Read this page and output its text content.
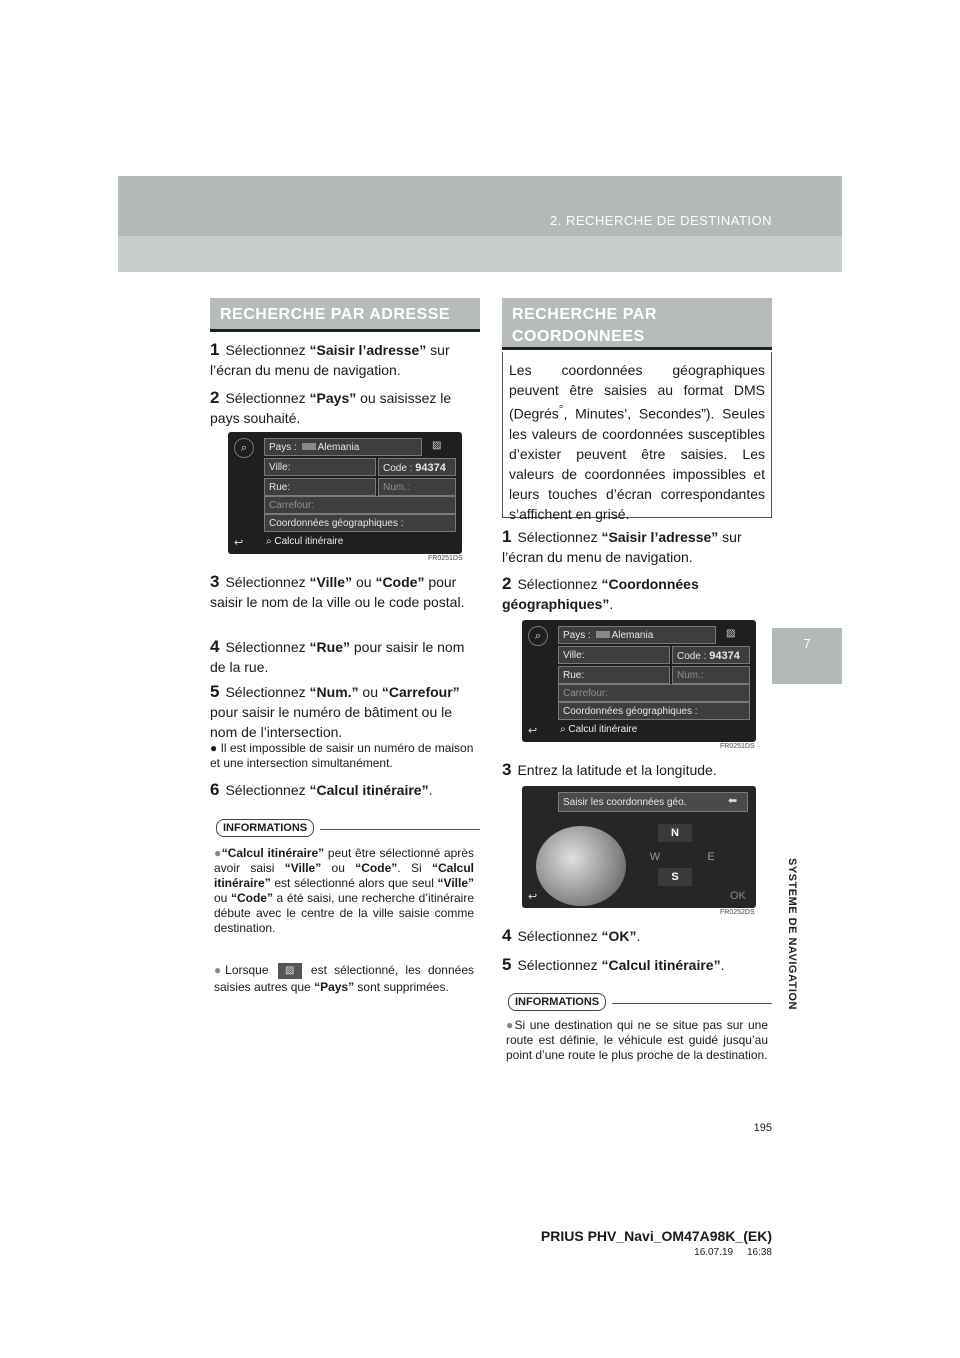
2. RECHERCHE DE DESTINATION
7
SYSTEME DE NAVIGATION
RECHERCHE PAR ADRESSE
1 Sélectionnez “Saisir l’adresse” sur l’écran du menu de navigation.
2 Sélectionnez “Pays” ou saisissez le pays souhaité.
⌕	Pays : Alemania	▨
Ville:	Code : 94374
Rue:	Num.:
Carrefour:
Coordonnées géographiques :
↩ ⌕ Calcul itinéraire
FR0251DS
3 Sélectionnez “Ville” ou “Code” pour saisir le nom de la ville ou le code postal.
4 Sélectionnez “Rue” pour saisir le nom de la rue.
5 Sélectionnez “Num.” ou “Carrefour” pour saisir le numéro de bâtiment ou le nom de l’intersection.
● Il est impossible de saisir un numéro de maison et une intersection simultanément.
6 Sélectionnez “Calcul itinéraire”.
INFORMATIONS
●“Calcul itinéraire” peut être sélectionné après avoir saisi “Ville” ou “Code”. Si “Calcul itinéraire” est sélectionné alors que seul “Ville” ou “Code” a été saisi, une recherche d’itinéraire débute avec le centre de la ville saisie comme destination.
●Lorsque ▨ est sélectionné, les données saisies autres que “Pays” sont supprimées.
RECHERCHE PAR
COORDONNEES
Les coordonnées géographiques peuvent être saisies au format DMS (Degrés°, Minutes’, Secondes”). Seules les valeurs de coordonnées susceptibles d’exister peuvent être saisies. Les valeurs de coordonnées impossibles et leurs touches d’écran correspondantes s’affichent en grisé.
1 Sélectionnez “Saisir l’adresse” sur l’écran du menu de navigation.
2 Sélectionnez “Coordonnées géographiques”.
⌕	Pays : Alemania	▨
Ville:	Code : 94374
Rue:	Num.:
Carrefour:
Coordonnées géographiques :
↩ ⌕ Calcul itinéraire
FR0251DS
3 Entrez la latitude et la longitude.
Saisir les coordonnées géo.	⬅
N
W	E
S
↩	OK
FR0252DS
4 Sélectionnez “OK”.
5 Sélectionnez “Calcul itinéraire”.
INFORMATIONS
●Si une destination qui ne se situe pas sur une route est définie, le véhicule est guidé jusqu’au point d’une route le plus proche de la destination.
195
PRIUS PHV_Navi_OM47A98K_(EK)
16.07.19     16:38
